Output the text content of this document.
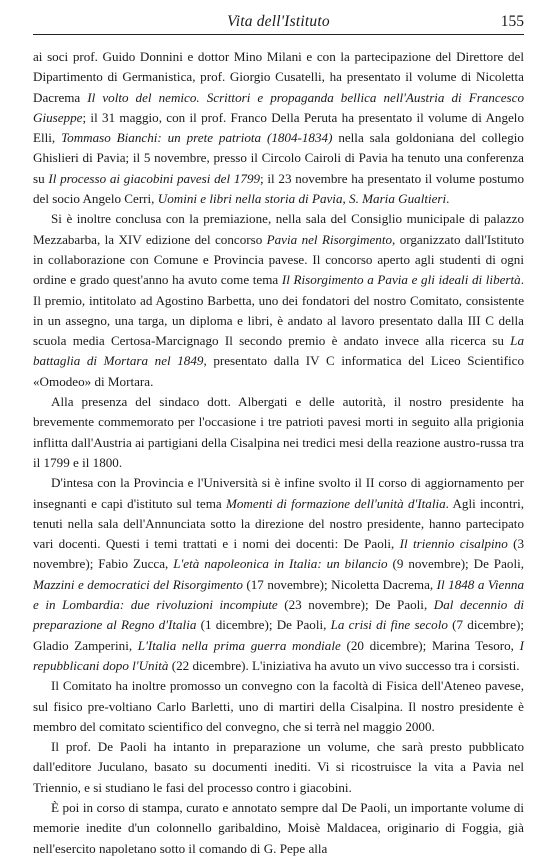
Vita dell'Istituto	155

ai soci prof. Guido Donnini e dottor Mino Milani e con la partecipazione del Direttore del Dipartimento di Germanistica, prof. Giorgio Cusatelli, ha presentato il volume di Nicoletta Dacrema Il volto del nemico. Scrittori e propaganda bellica nell'Austria di Francesco Giuseppe; il 31 maggio, con il prof. Franco Della Peruta ha presentato il volume di Angelo Elli, Tommaso Bianchi: un prete patriota (1804-1834) nella sala goldoniana del collegio Ghislieri di Pavia; il 5 novembre, presso il Circolo Cairoli di Pavia ha tenuto una conferenza su Il processo ai giacobini pavesi del 1799; il 23 novembre ha presentato il volume postumo del socio Angelo Cerri, Uomini e libri nella storia di Pavia, S. Maria Gualtieri.

Si è inoltre conclusa con la premiazione, nella sala del Consiglio municipale di palazzo Mezzabarba, la XIV edizione del concorso Pavia nel Risorgimento, organizzato dall'Istituto in collaborazione con Comune e Provincia pavese. Il concorso aperto agli studenti di ogni ordine e grado quest'anno ha avuto come tema Il Risorgimento a Pavia e gli ideali di libertà. Il premio, intitolato ad Agostino Barbetta, uno dei fondatori del nostro Comitato, consistente in un assegno, una targa, un diploma e libri, è andato al lavoro presentato dalla III C della scuola media Certosa-Marcignago Il secondo premio è andato invece alla ricerca su La battaglia di Mortara nel 1849, presentato dalla IV C informatica del Liceo Scientifico «Omodeo» di Mortara.

Alla presenza del sindaco dott. Albergati e delle autorità, il nostro presidente ha brevemente commemorato per l'occasione i tre patrioti pavesi morti in seguito alla prigionia inflitta dall'Austria ai partigiani della Cisalpina nei tredici mesi della reazione austro-russa tra il 1799 e il 1800.

D'intesa con la Provincia e l'Università si è infine svolto il II corso di aggiornamento per insegnanti e capi d'istituto sul tema Momenti di formazione dell'unità d'Italia. Agli incontri, tenuti nella sala dell'Annunciata sotto la direzione del nostro presidente, hanno partecipato vari docenti. Questi i temi trattati e i nomi dei docenti: De Paoli, Il triennio cisalpino (3 novembre); Fabio Zucca, L'età napoleonica in Italia: un bilancio (9 novembre); De Paoli, Mazzini e democratici del Risorgimento (17 novembre); Nicoletta Dacrema, Il 1848 a Vienna e in Lombardia: due rivoluzioni incompiute (23 novembre); De Paoli, Dal decennio di preparazione al Regno d'Italia (1 dicembre); De Paoli, La crisi di fine secolo (7 dicembre); Gladio Zamperini, L'Italia nella prima guerra mondiale (20 dicembre); Marina Tesoro, I repubblicani dopo l'Unità (22 dicembre). L'iniziativa ha avuto un vivo successo tra i corsisti.

Il Comitato ha inoltre promosso un convegno con la facoltà di Fisica dell'Ateneo pavese, sul fisico pre-voltiano Carlo Barletti, uno di martiri della Cisalpina. Il nostro presidente è membro del comitato scientifico del convegno, che si terrà nel maggio 2000.

Il prof. De Paoli ha intanto in preparazione un volume, che sarà presto pubblicato dall'editore Juculano, basato su documenti inediti. Vi si ricostruisce la vita a Pavia nel Triennio, e si studiano le fasi del processo contro i giacobini.

È poi in corso di stampa, curato e annotato sempre dal De Paoli, un importante volume di memorie inedite d'un colonnello garibaldino, Moisè Maldacea, originario di Foggia, già nell'esercito napoletano sotto il comando di G. Pepe alla
